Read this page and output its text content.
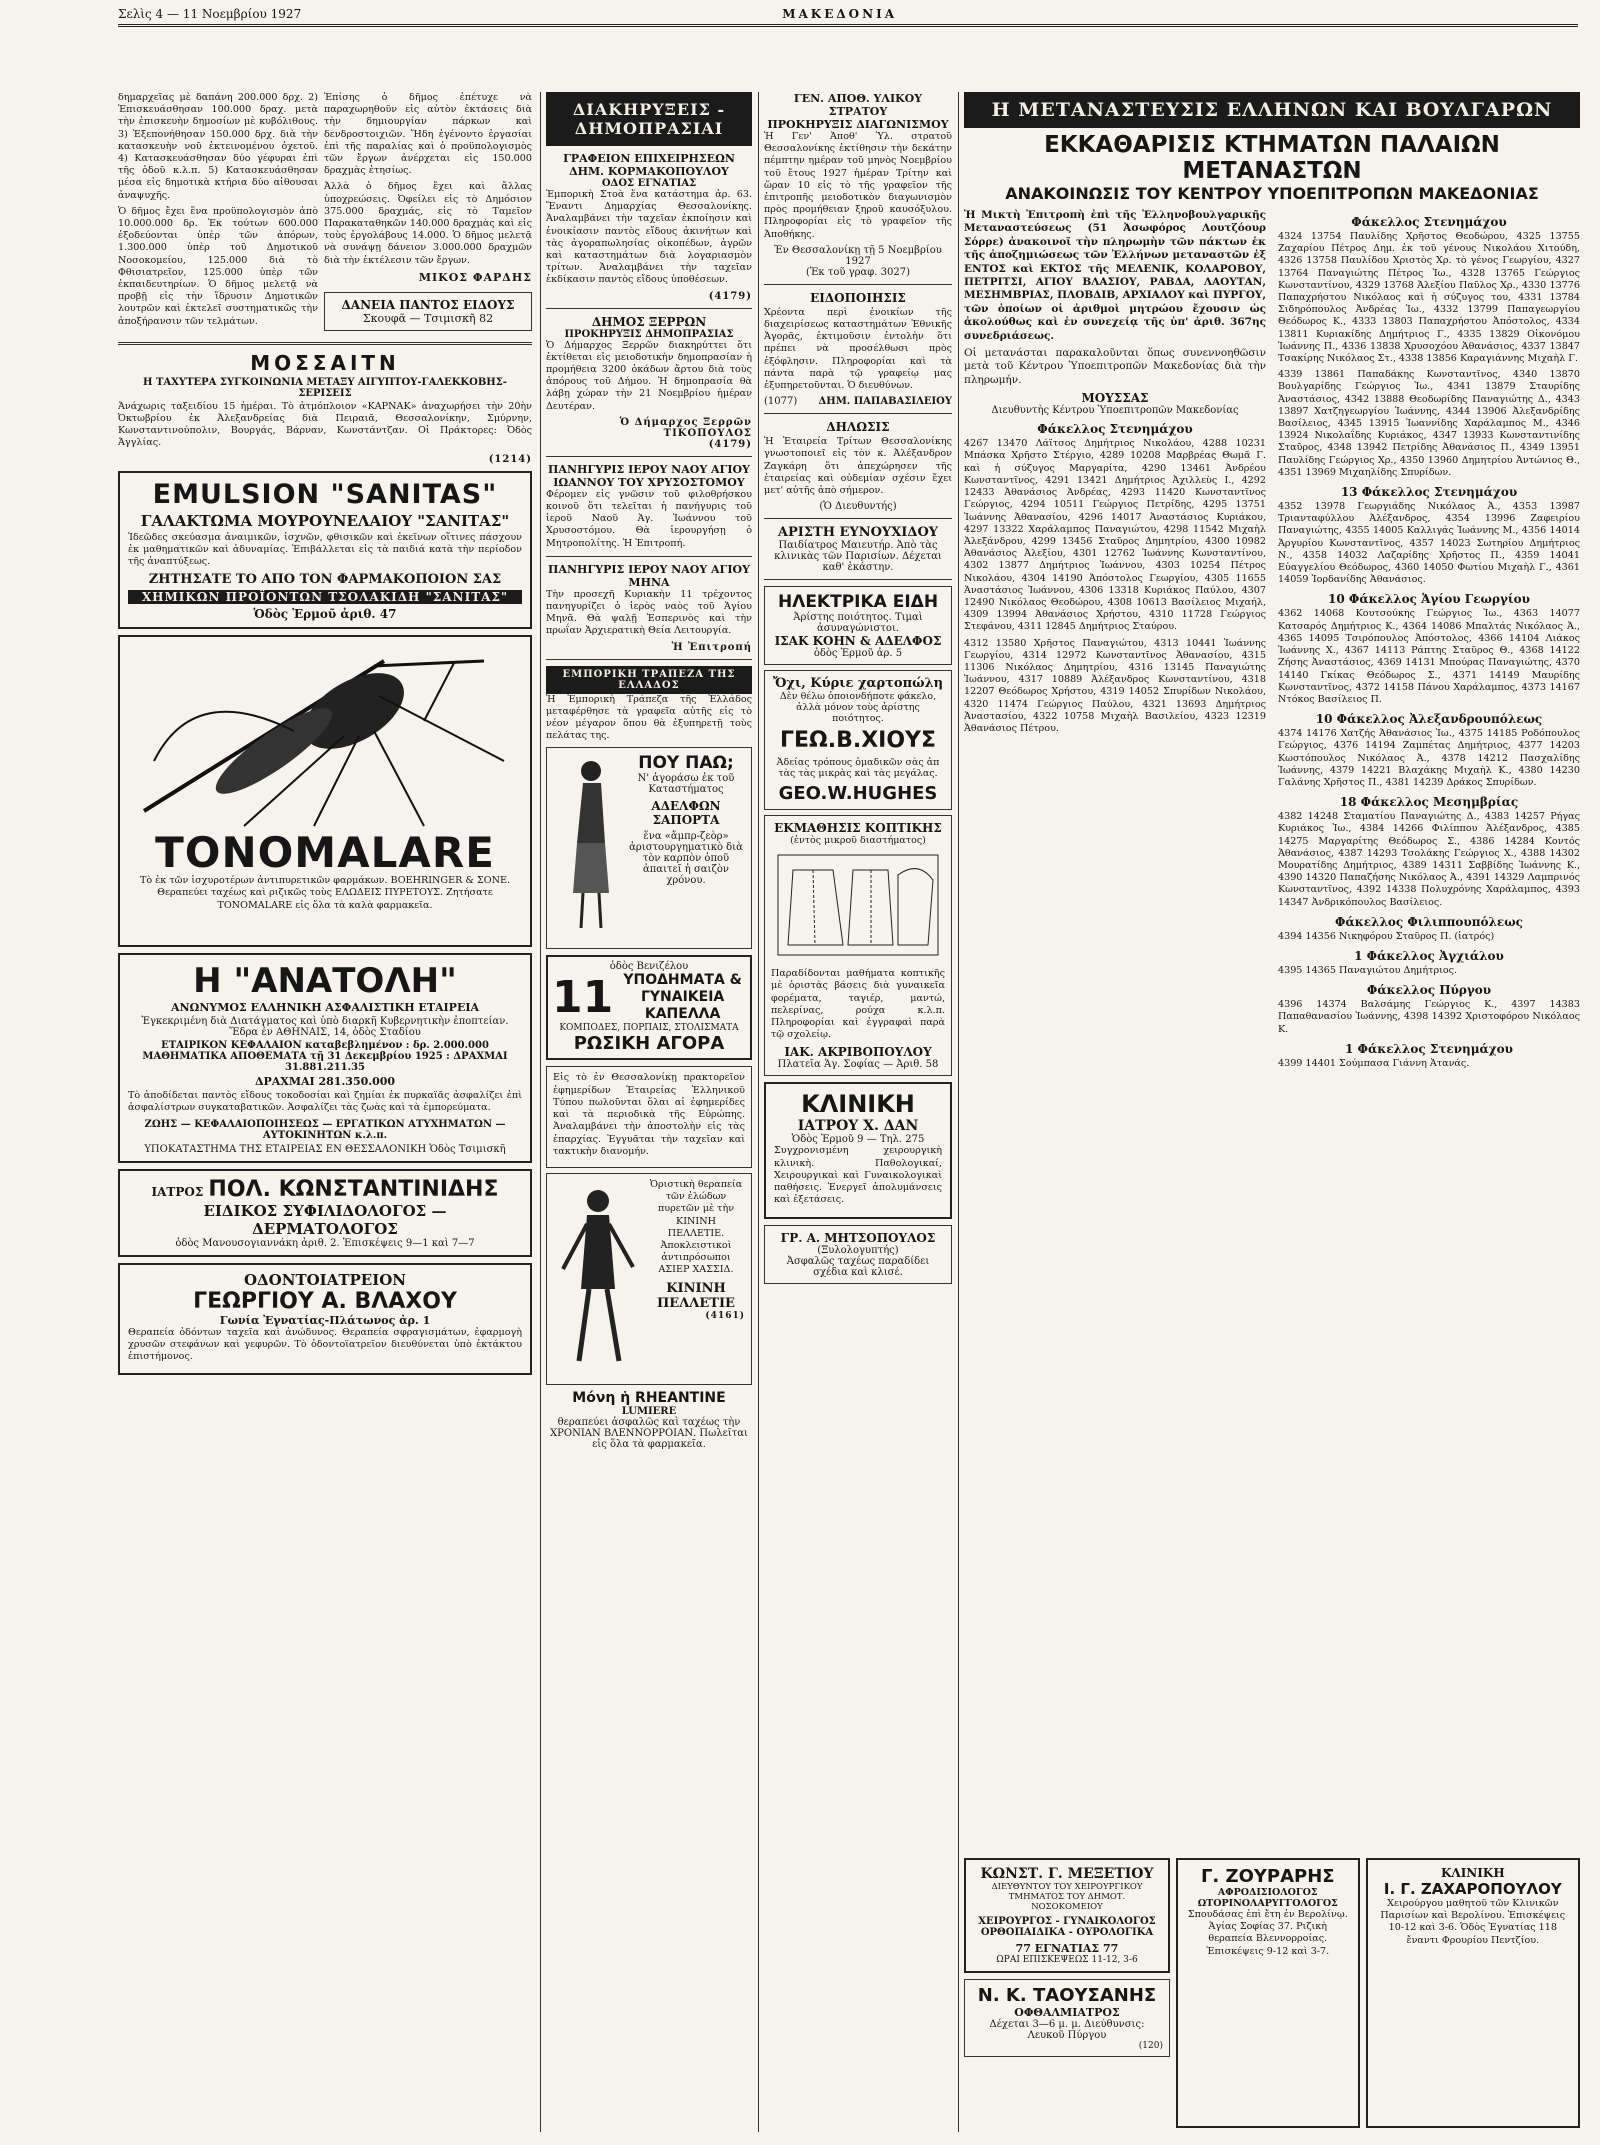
Σελὶς 4 — 11 Νοεμβρίου 1927	ΜΑΚΕΔΟΝΙΑ

δημαρχεῖας μὲ δαπάνη 200.000 δρχ. 2) Ἐπισκευάσθησαν 100.000 δραχ. μετὰ τὴν ἐπισκευὴν δημοσίων μὲ κυβόλιθους. 3) Ἐξεπονήθησαν 150.000 δρχ. διὰ τὴν κατασκευὴν νοῦ ἐκτεινομένου ὀχετοῦ. 4) Κατασκευάσθησαν δύο γέφυραι ἐπὶ τῆς ὁδοῦ κ.λ.π. 5) Κατασκευάσθησαν μέσα εἰς δημοτικὰ κτήρια δύο αἰθουσαι ἀναψυχῆς.

Ὁ δῆμος ἔχει ἕνα προϋπολογισμὸν ἀπὸ 10.000.000 δρ. Ἐκ τούτων 600.000 ἐξοδεύονται ὑπὲρ τῶν ἀπόρων, 1.300.000 ὑπὲρ τοῦ Δημοτικοῦ Νοσοκομείου, 125.000 διὰ τὸ Φθισιατρεῖον, 125.000 ὑπὲρ τῶν ἐκπαιδευτηρίων. Ὁ δῆμος μελετᾷ νὰ προβῇ εἰς τὴν ἵδρυσιν Δημοτικῶν λουτρῶν καὶ ἐκτελεῖ συστηματικῶς τὴν ἀποξήρανσιν τῶν τελμάτων.

Ἐπίσης ὁ δῆμος ἐπέτυχε νὰ παραχωρηθοῦν εἰς αὐτὸν ἐκτάσεις διὰ τὴν δημιουργίαν πάρκων καὶ δενδροστοιχιῶν. Ἤδη ἐγένοντο ἐργασίαι ἐπὶ τῆς παραλίας καὶ ὁ προϋπολογισμὸς τῶν ἔργων ἀνέρχεται εἰς 150.000 δραχμὰς ἐτησίως.

Ἀλλὰ ὁ δῆμος ἔχει καὶ ἄλλας ὑποχρεώσεις. Ὀφείλει εἰς τὸ Δημόσιον 375.000 δραχμάς, εἰς τὸ Ταμεῖον Παρακαταθηκῶν 140.000 δραχμὰς καὶ εἰς τοὺς ἐργολάβους 14.000. Ὁ δῆμος μελετᾷ νὰ συνάψῃ δάνειον 3.000.000 δραχμῶν διὰ τὴν ἐκτέλεσιν τῶν ἔργων.

ΜΙΚΟΣ ΦΑΡΔΗΣ
ΔΑΝΕΙΑ ΠΑΝΤΟΣ ΕΙΔΟΥΣ
Σκουφᾶ — Τσιμισκῆ 82
ΜΟΣΣΑΙΤΝ
Η ΤΑΧΥΤΕΡΑ ΣΥΓΚΟΙΝΩΝΙΑ ΜΕΤΑΞΥ ΑΙΓΥΠΤΟΥ-ΓΑΛΕΚΚΟΒΗΣ-ΣΕΡΙΣΕΙΣ

Ἀνάχωρις ταξειδίου 15 ἡμέραι. Τὸ ἀτμόπλοιον «ΚΑΡΝΑΚ» ἀναχωρήσει τὴν 20ὴν Ὀκτωβρίου ἐκ Ἀλεξανδρείας διὰ Πειραιᾶ, Θεσσαλονίκην, Σμύρνην, Κωνσταντινούπολιν, Βουργάς, Βάρναν, Κωνστάντζαν. Οἱ Πράκτορες: Ὀδὸς Ἀγγλίας.

(1214)
EMULSION "SANITAS"
ΓΑΛΑΚΤΩΜΑ ΜΟΥΡΟΥΝΕΛΑΙΟΥ "ΣΑΝΙΤΑΣ"

Ἰδεῶδες σκεύασμα ἀναιμικῶν, ἰσχνῶν, φθισικῶν καὶ ἐκεῖνων οἵτινες πάσχουν ἐκ μαθηματικῶν καὶ ἀδυναμίας. Ἐπιβάλλεται εἰς τὰ παιδιά κατὰ τὴν περίοδον τῆς ἀναπτύξεως.

ΖΗΤΗΣΑΤΕ ΤΟ ΑΠΟ ΤΟΝ ΦΑΡΜΑΚΟΠΟΙΟΝ ΣΑΣ
ΧΗΜΙΚΩΝ ΠΡΟΪΟΝΤΩΝ ΤΣΟΛΑΚΙΔΗ "ΣΑΝΙΤΑΣ"
Ὁδὸς Ἑρμοῦ ἀριθ. 47
TONOMALARE

Τὸ ἐκ τῶν ἰσχυροτέρων ἀντιπυρετικῶν φαρμάκων. BOEHRINGER & ΣΟΝΕ. Θεραπεύει ταχέως καὶ ριζικῶς τοὺς ΕΛΩΔΕΙΣ ΠΥΡΕΤΟΥΣ. Ζητήσατε TONOMALARE εἰς ὅλα τὰ καλὰ φαρμακεῖα.

Η "ΑΝΑΤΟΛΗ"
ΑΝΩΝΥΜΟΣ ΕΛΛΗΝΙΚΗ ΑΣΦΑΛΙΣΤΙΚΗ ΕΤΑΙΡΕΙΑ
Ἐγκεκριμένη διὰ Διατάγματος καὶ ὑπὸ διαρκῆ Κυβερνητικὴν ἐποπτείαν. Ἕδρα ἐν ΑΘΗΝΑΙΣ, 14, ὁδὸς Σταδίου
ΕΤΑΙΡΙΚΟΝ ΚΕΦΑΛΑΙΟΝ καταβεβλημένον : δρ. 2.000.000
ΜΑΘΗΜΑΤΙΚΑ ΑΠΟΘΕΜΑΤΑ τῇ 31 Δεκεμβρίου 1925 : ΔΡΑΧΜΑΙ 31.881.211.35
ΔΡΑΧΜΑΙ 281.350.000

Τὸ ἀποδίδεται παντὸς εἴδους τοκοδοσίαι καὶ ζημίαι ἐκ πυρκαϊᾶς ἀσφαλίζει ἐπὶ ἀσφαλίστρων συγκαταβατικῶν. Ἀσφαλίζει τὰς ζωὰς καὶ τὰ ἐμπορεύματα.

ΖΩΗΣ — ΚΕΦΑΛΑΙΟΠΟΙΗΣΕΩΣ — ΕΡΓΑΤΙΚΩΝ ΑΤΥΧΗΜΑΤΩΝ — ΑΥΤΟΚΙΝΗΤΩΝ κ.λ.π.
ΥΠΟΚΑΤΑΣΤΗΜΑ ΤΗΣ ΕΤΑΙΡΕΙΑΣ ΕΝ ΘΕΣΣΑΛΟΝΙΚΗ Ὁδὸς Τσιμισκῆ
ΙΑΤΡΟΣ ΠΟΛ. ΚΩΝΣΤΑΝΤΙΝΙΔΗΣ
ΕΙΔΙΚΟΣ ΣΥΦΙΛΙΔΟΛΟΓΟΣ — ΔΕΡΜΑΤΟΛΟΓΟΣ
ὁδὸς Μανουσογιαννάκη ἀριθ. 2. Ἐπισκέψεις 9—1 καὶ 7—7
ΟΔΟΝΤΟΙΑΤΡΕΙΟΝ
ΓΕΩΡΓΙΟΥ Α. ΒΛΑΧΟΥ
Γωνία Ἐγνατίας-Πλάτωνος ἀρ. 1

Θεραπεία ὀδόντων ταχεῖα καὶ ἀνώδυνος. Θεραπεία σφραγισμάτων, ἐφαρμογὴ χρυσῶν στεφάνων καὶ γεφυρῶν. Τὸ ὀδοντοϊατρεῖον διευθύνεται ὑπὸ ἐκτάκτου ἐπιστήμονος.

ΔΙΑΚΗΡΥΞΕΙΣ - ΔΗΜΟΠΡΑΣΙΑΙ
ΓΡΑΦΕΙΟΝ ΕΠΙΧΕΙΡΗΣΕΩΝ ΔΗΜ. ΚΟΡΜΑΚΟΠΟΥΛΟΥ
ΟΔΟΣ ΕΓΝΑΤΙΑΣ

Ἐμπορικὴ Στοὰ ἕνα κατάστημα ἀρ. 63. Ἔναντι Δημαρχίας Θεσσαλονίκης. Ἀναλαμβάνει τὴν ταχεῖαν ἐκποίησιν καὶ ἐνοικίασιν παντὸς εἴδους ἀκινήτων καὶ τὰς ἀγοραπωλησίας οἰκοπέδων, ἀγρῶν καὶ καταστημάτων διὰ λογαριασμὸν τρίτων. Ἀναλαμβάνει τὴν ταχεῖαν ἐκδίκασιν παντὸς εἴδους ὑποθέσεων.

(4179)
ΔΗΜΟΣ ΞΕΡΡΩΝ
ΠΡΟΚΗΡΥΞΙΣ ΔΗΜΟΠΡΑΣΙΑΣ

Ὁ Δήμαρχος Ξερρῶν διακηρύττει ὅτι ἐκτίθεται εἰς μειοδοτικὴν δημοπρασίαν ἡ προμήθεια 3200 ὀκάδων ἄρτου διὰ τοὺς ἀπόρους τοῦ Δήμου. Ἡ δημοπρασία θὰ λάβῃ χώραν τὴν 21 Νοεμβρίου ἡμέραν Δευτέραν.

Ὁ Δήμαρχος Ξερρῶν ΤΙΚΟΠΟΥΛΟΣ
(4179)
ΠΑΝΗΓΥΡΙΣ ΙΕΡΟΥ ΝΑΟΥ ΑΓΙΟΥ ΙΩΑΝΝΟΥ ΤΟΥ ΧΡΥΣΟΣΤΟΜΟΥ

Φέρομεν εἰς γνῶσιν τοῦ φιλοθρήσκου κοινοῦ ὅτι τελεῖται ἡ πανήγυρις τοῦ ἱεροῦ Ναοῦ Ἁγ. Ἰωάννου τοῦ Χρυσοστόμου. Θὰ ἱερουργήσῃ ὁ Μητροπολίτης. Ἡ Ἐπιτροπή.

ΠΑΝΗΓΥΡΙΣ ΙΕΡΟΥ ΝΑΟΥ ΑΓΙΟΥ ΜΗΝΑ

Τὴν προσεχῆ Κυριακὴν 11 τρέχοντος πανηγυρίζει ὁ ἱερὸς ναὸς τοῦ Ἁγίου Μηνᾶ. Θὰ ψαλῇ Ἑσπερινὸς καὶ τὴν πρωΐαν Ἀρχιερατικὴ Θεία Λειτουργία.

Ἡ Ἐπιτροπή
ΕΜΠΟΡΙΚΗ ΤΡΑΠΕΖΑ ΤΗΣ ΕΛΛΑΔΟΣ

Ἡ Ἐμπορικὴ Τράπεζα τῆς Ἑλλάδος μεταφέρθησε τὰ γραφεῖα αὐτῆς εἰς τὸ νέον μέγαρον ὅπου θὰ ἐξυπηρετῇ τοὺς πελάτας της.

ΠΟΥ ΠΑΩ;
Ν' ἀγοράσω ἐκ τοῦ Καταστήματος
ΑΔΕΛΦΩΝ ΣΑΠΟΡΤΑ
ἕνα «ἄμπρ-ζεὸρ» ἀριστουργηματικὸ διὰ τὸν καρπὸν ὁποῦ ἀπαιτεῖ ἡ σαιζὸν χρόνου.
ὁδὸς Βενιζέλου
11 ΥΠΟΔΗΜΑΤΑ & ΓΥΝΑΙΚΕΙΑ ΚΑΠΕΛΛΑ
ΚΟΜΠΟΔΕΣ, ΠΟΡΠΑΙΣ, ΣΤΟΛΙΣΜΑΤΑ
ΡΩΣΙΚΗ ΑΓΟΡΑ

Εἰς τὸ ἐν Θεσσαλονίκῃ πρακτορεῖον ἐφημερίδων Ἑταιρείας Ἑλληνικοῦ Τύπου πωλοῦνται ὅλαι αἱ ἐφημερίδες καὶ τὰ περιοδικὰ τῆς Εὐρώπης. Ἀναλαμβάνει τὴν ἀποστολὴν εἰς τὰς ἐπαρχίας. Ἐγγυᾶται τὴν ταχεῖαν καὶ τακτικὴν διανομήν.

Ὁριστικὴ θεραπεία τῶν ἐλώδων πυρετῶν μὲ τὴν ΚΙΝΙΝΗ ΠΕΛΛΕΤΙΕ. Ἀποκλειστικοὶ ἀντιπρόσωποι ΑΣΙΕΡ ΧΑΣΣΙΔ.

ΚΙΝΙΝΗ ΠΕΛΛΕΤΙΕ
(4161)
Μόνη ἡ RHEANTINE
LUMIERE
θεραπεύει ἀσφαλῶς καὶ ταχέως τὴν ΧΡΟΝΙΑΝ ΒΛΕΝΝΟΡΡΟΙΑΝ. Πωλεῖται εἰς ὅλα τὰ φαρμακεῖα.
ΓΕΝ. ΑΠΟΘ. ΥΛΙΚΟΥ ΣΤΡΑΤΟΥ
ΠΡΟΚΗΡΥΞΙΣ ΔΙΑΓΩΝΙΣΜΟΥ

Ἡ Γεν' Ἀποθ' Ὑλ. στρατοῦ Θεσσαλονίκης ἐκτίθησιν τὴν δεκάτην πέμπτην ημέραν τοῦ μηνὸς Νοεμβρίου τοῦ ἔτους 1927 ἡμέραν Τρίτην καὶ ὥραν 10 εἰς τὸ τῆς γραφεῖον τῆς ἐπιτροπῆς μειοδοτικὸν διαγωνισμὸν πρὸς προμήθειαν ξηροῦ καυσόξυλου. Πληροφορίαι εἰς τὸ γραφεῖον τῆς Ἀποθήκης.

Ἐν Θεσσαλονίκῃ τῇ 5 Νοεμβρίου 1927
(Ἐκ τοῦ γραφ. 3027)
ΕΙΔΟΠΟΙΗΣΙΣ

Χρέοντα περὶ ἐνοικίων τῆς διαχειρίσεως καταστημάτων Ἐθνικῆς Ἀγορᾶς, ἐκτιμοῦσιν ἐντολὴν ὅτι πρέπει νὰ προσέλθωσι πρὸς ἐξόφλησιν. Πληροφορίαι καὶ τὰ πάντα παρὰ τῷ γραφείῳ μας ἐξυπηρετοῦνται. Ὁ διευθύνων.

(1077) ΔΗΜ. ΠΑΠΑΒΑΣΙΛΕΙΟΥ
ΔΗΛΩΣΙΣ

Ἡ Ἑταιρεία Τρίτων Θεσσαλονίκης γνωστοποιεῖ εἰς τὸν κ. Ἀλέξανδρον Ζαγκάρη ὅτι ἀπεχώρησεν τῆς ἐταιρείας καὶ οὐδεμίαν σχέσιν ἔχει μετ' αὐτῆς ἀπὸ σήμερον.

(Ὁ Διευθυντής)
ΑΡΙΣΤΗ ΕΥΝΟΥΧΙΔΟΥ
Παιδίατρος Μαιευτήρ. Ἀπὸ τὰς κλινικὰς τῶν Παρισίων. Δέχεται καθ' ἑκάστην.
ΗΛΕΚΤΡΙΚΑ ΕΙΔΗ
Ἀρίστης ποιότητος. Τιμαὶ ἀσυναγώνιστοι.
ΙΣΑΚ ΚΟΗΝ & ΑΔΕΛΦΟΣ
ὁδὸς Ἑρμοῦ ἀρ. 5
Ὄχι, Κύριε χαρτοπώλη
Δὲν θέλω ὁποιονδήποτε φάκελο, ἀλλὰ μόνον τοὺς ἀρίστης ποιότητος.
ΓΕΩ.Β.ΧΙΟΥΣ
Ἀδείας τρόπους ὁμαδικῶν σὰς ἀπ τὰς τὰς μικρὰς καὶ τὰς μεγάλας.
GEO.W.HUGHES
ΕΚΜΑΘΗΣΙΣ ΚΟΠΤΙΚΗΣ
(ἐντὸς μικροῦ διαστήματος)

Παραδίδονται μαθήματα κοπτικῆς μὲ ὁριστὰς βάσεις διὰ γυναικεῖα φορέματα, ταγιέρ, μαντώ, πελερίνας, ρούχα κ.λ.π. Πληροφορίαι καὶ ἐγγραφαὶ παρὰ τῷ σχολείῳ.

ΙΑΚ. ΑΚΡΙΒΟΠΟΥΛΟΥ
Πλατεῖα Ἁγ. Σοφίας — Ἀριθ. 58
ΚΛΙΝΙΚΗ
ΙΑΤΡΟΥ Χ. ΔΑΝ
Ὁδὸς Ἑρμοῦ 9 — Τηλ. 275

Συγχρονισμένη χειρουργικὴ κλινικὴ. Παθολογικαί, Χειρουργικαὶ καὶ Γυναικολογικαὶ παθήσεις. Ἐνεργεῖ ἀπολυμάνσεις καὶ ἐξετάσεις.

ΓΡ. Α. ΜΗΤΣΟΠΟΥΛΟΣ
(Ξυλολογυπτής)
Ἀσφαλῶς ταχέως παραδίδει σχέδια καὶ κλισέ.
Η ΜΕΤΑΝΑΣΤΕΥΣΙΣ ΕΛΛΗΝΩΝ ΚΑΙ ΒΟΥΛΓΑΡΩΝ
ΕΚΚΑΘΑΡΙΣΙΣ ΚΤΗΜΑΤΩΝ ΠΑΛΑΙΩΝ ΜΕΤΑΝΑΣΤΩΝ
ΑΝΑΚΟΙΝΩΣΙΣ ΤΟΥ ΚΕΝΤΡΟΥ ΥΠΟΕΠΙΤΡΟΠΩΝ ΜΑΚΕΔΟΝΙΑΣ

Ἡ Μικτὴ Ἐπιτροπὴ ἐπὶ τῆς Ἑλληνοβουλγαρικῆς Μεταναστεύσεως (51 Ἀσωφόρος Λουτζόουρ Σόρρε) ἀνακοινοῖ τὴν πληρωμὴν τῶν πάκτων ἐκ τῆς ἀποζημιώσεως τῶν Ἑλλήνων μεταναστῶν ἐξ ΕΝΤΟΣ καὶ ΕΚΤΟΣ τῆς ΜΕΛΕΝΙΚ, ΚΟΛΑΡΟΒΟΥ, ΠΕΤΡΙΤΣΙ, ΑΓΙΟΥ ΒΛΑΣΙΟΥ, ΡΑΒΔΑ, ΛΑΟΥΤΑΝ, ΜΕΣΗΜΒΡΙΑΣ, ΠΛΟΒΔΙΒ, ΑΡΧΙΑΛΟΥ καὶ ΠΥΡΓΟΥ, τῶν ὁποίων οἱ ἀριθμοὶ μητρώου ἔχουσιν ὡς ἀκολούθως καὶ ἐν συνεχείᾳ τῆς ὑπ' ἀριθ. 367ης συνεδριάσεως.

Οἱ μετανάσται παρακαλοῦνται ὅπως συνεννοηθῶσιν μετὰ τοῦ Κέντρου Ὑποεπιτροπῶν Μακεδονίας διὰ τὴν πληρωμήν.

ΜΟΥΣΣΑΣ
Διευθυντὴς Κέντρου Ὑποεπιτροπῶν Μακεδονίας
Φάκελλος Στενημάχου

4267 13470 Λάϊτσος Δημήτριος Νικολάου, 4288 10231 Μπάσκα Χρῆστο Στέργιο, 4289 10208 Μαρβρέας Θωμᾶ Γ. καὶ ἡ σύζυγος Μαργαρίτα, 4290 13461 Ἀνδρέου Κωνσταντῖνος, 4291 13421 Δημήτριος Ἀχιλλεὺς Ι., 4292 12433 Ἀθανάσιος Ἀνδρέας, 4293 11420 Κωνσταντῖνος Γεώργιος, 4294 10511 Γεώργιος Πετρίδης, 4295 13751 Ἰωάννης Ἀθανασίου, 4296 14017 Ἀναστάσιος Κυριάκου, 4297 13322 Χαράλαμπος Παναγιώτου, 4298 11542 Μιχαὴλ Ἀλεξάνδρου, 4299 13456 Σταῦρος Δημητρίου, 4300 10982 Ἀθανάσιος Ἀλεξίου, 4301 12762 Ἰωάννης Κωνσταντίνου, 4302 13877 Δημήτριος Ἰωάννου, 4303 10254 Πέτρος Νικολάου, 4304 14190 Ἀπόστολος Γεωργίου, 4305 11655 Ἀναστάσιος Ἰωάννου, 4306 13318 Κυριάκος Παύλου, 4307 12490 Νικόλαος Θεοδώρου, 4308 10613 Βασίλειος Μιχαήλ, 4309 13994 Ἀθανάσιος Χρήστου, 4310 11728 Γεώργιος Στεφάνου, 4311 12845 Δημήτριος Σταύρου.

4312 13580 Χρῆστος Παναγιώτου, 4313 10441 Ἰωάννης Γεωργίου, 4314 12972 Κωνσταντῖνος Ἀθανασίου, 4315 11306 Νικόλαος Δημητρίου, 4316 13145 Παναγιώτης Ἰωάννου, 4317 10889 Ἀλέξανδρος Κωνσταντίνου, 4318 12207 Θεόδωρος Χρήστου, 4319 14052 Σπυρίδων Νικολάου, 4320 11474 Γεώργιος Παύλου, 4321 13693 Δημήτριος Ἀναστασίου, 4322 10758 Μιχαὴλ Βασιλείου, 4323 12319 Ἀθανάσιος Πέτρου.

Φάκελλος Στενημάχου

4324 13754 Παυλίδης Χρῆστος Θεοδώρου, 4325 13755 Ζαχαρίου Πέτρος Δημ. ἐκ τοῦ γένους Νικολάου Χιτούδη, 4326 13758 Παυλίδου Χριστὸς Χρ. τὸ γένος Γεωργίου, 4327 13764 Παναγιώτης Πέτρος Ἰω., 4328 13765 Γεώργιος Κωνσταντίνου, 4329 13768 Ἀλεξίου Παῦλος Χρ., 4330 13776 Παπαχρήστου Νικόλαος καὶ ἡ σύζυγος του, 4331 13784 Σιδηρόπουλος Ἀνδρέας Ἰω., 4332 13799 Παπαγεωργίου Θεόδωρος Κ., 4333 13803 Παπαχρήστου Ἀπόστολος, 4334 13811 Κυριακίδης Δημήτριος Γ., 4335 13829 Οἰκονόμου Ἰωάννης Π., 4336 13838 Χρυσοχόου Ἀθανάσιος, 4337 13847 Τσακίρης Νικόλαος Στ., 4338 13856 Καραγιάννης Μιχαὴλ Γ.

4339 13861 Παπαδάκης Κωνσταντῖνος, 4340 13870 Βουλγαρίδης Γεώργιος Ἰω., 4341 13879 Σταυρίδης Ἀναστάσιος, 4342 13888 Θεοδωρίδης Παναγιώτης Δ., 4343 13897 Χατζηγεωργίου Ἰωάννης, 4344 13906 Ἀλεξανδρίδης Βασίλειος, 4345 13915 Ἰωαννίδης Χαράλαμπος Μ., 4346 13924 Νικολαΐδης Κυριάκος, 4347 13933 Κωνσταντινίδης Σταῦρος, 4348 13942 Πετρίδης Ἀθανάσιος Π., 4349 13951 Παυλίδης Γεώργιος Χρ., 4350 13960 Δημητρίου Ἀντώνιος Θ., 4351 13969 Μιχαηλίδης Σπυρίδων.

13 Φάκελλος Στενημάχου

4352 13978 Γεωργιάδης Νικόλαος Ἀ., 4353 13987 Τριανταφύλλου Ἀλέξανδρος, 4354 13996 Ζαφειρίου Παναγιώτης, 4355 14005 Καλλιγάς Ἰωάννης Μ., 4356 14014 Ἀργυρίου Κωνσταντῖνος, 4357 14023 Σωτηρίου Δημήτριος Ν., 4358 14032 Λαζαρίδης Χρῆστος Π., 4359 14041 Εὐαγγελίου Θεόδωρος, 4360 14050 Φωτίου Μιχαὴλ Γ., 4361 14059 Ἰορδανίδης Ἀθανάσιος.

10 Φάκελλος Ἁγίου Γεωργίου

4362 14068 Κουτσούκης Γεώργιος Ἰω., 4363 14077 Κατσαρός Δημήτριος Κ., 4364 14086 Μπαλτάς Νικόλαος Ἀ., 4365 14095 Τσιρόπουλος Ἀπόστολος, 4366 14104 Λιάκος Ἰωάννης Χ., 4367 14113 Ράπτης Σταῦρος Θ., 4368 14122 Ζήσης Ἀναστάσιος, 4369 14131 Μπούρας Παναγιώτης, 4370 14140 Γκίκας Θεόδωρος Σ., 4371 14149 Μαυρίδης Κωνσταντῖνος, 4372 14158 Πάνου Χαράλαμπος, 4373 14167 Ντόκος Βασίλειος Π.

10 Φάκελλος Ἀλεξανδρουπόλεως

4374 14176 Χατζής Ἀθανάσιος Ἰω., 4375 14185 Ροδόπουλος Γεώργιος, 4376 14194 Ζαμπέτας Δημήτριος, 4377 14203 Κωστόπουλος Νικόλαος Ἀ., 4378 14212 Πασχαλίδης Ἰωάννης, 4379 14221 Βλαχάκης Μιχαὴλ Κ., 4380 14230 Γαλάνης Χρῆστος Π., 4381 14239 Δράκος Σπυρίδων.

18 Φάκελλος Μεσημβρίας

4382 14248 Σταματίου Παναγιώτης Δ., 4383 14257 Ρήγας Κυριάκος Ἰω., 4384 14266 Φιλίππου Ἀλέξανδρος, 4385 14275 Μαργαρίτης Θεόδωρος Σ., 4386 14284 Κοντός Ἀθανάσιος, 4387 14293 Τσολάκης Γεώργιος Χ., 4388 14302 Μουρατίδης Δημήτριος, 4389 14311 Σαββίδης Ἰωάννης Κ., 4390 14320 Παπαζήσης Νικόλαος Ἀ., 4391 14329 Λαμπρινός Κωνσταντῖνος, 4392 14338 Πολυχρόνης Χαράλαμπος, 4393 14347 Ἀνδρικόπουλος Βασίλειος.

Φάκελλος Φιλιππουπόλεως

4394 14356 Νικηφόρου Σταῦρος Π. (ἰατρός)

1 Φάκελλος Ἀγχιάλου

4395 14365 Παναγιώτου Δημήτριος.

Φάκελλος Πύργου

4396 14374 Βαλσάμης Γεώργιος Κ., 4397 14383 Παπαθανασίου Ἰωάννης, 4398 14392 Χριστοφόρου Νικόλαος Κ.

1 Φάκελλος Στενημάχου

4399 14401 Σούμπασα Γιάννη Ἀτανάς.

ΚΩΝΣΤ. Γ. ΜΕΞΕΤΙΟΥ
ΔΙΕΥΘΥΝΤΟΥ ΤΟΥ ΧΕΙΡΟΥΡΓΙΚΟΥ ΤΜΗΜΑΤΟΣ ΤΟΥ ΔΗΜΟΤ. ΝΟΣΟΚΟΜΕΙΟΥ
ΧΕΙΡΟΥΡΓΟΣ - ΓΥΝΑΙΚΟΛΟΓΟΣ
ΟΡΘΟΠΑΙΔΙΚΑ - ΟΥΡΟΛΟΓΙΚΑ
77 ΕΓΝΑΤΙΑΣ 77
ΩΡΑΙ ΕΠΙΣΚΕΨΕΩΣ 11-12, 3-6
Ν. Κ. ΤΑΟΥΣΑΝΗΣ
ΟΦΘΑΛΜΙΑΤΡΟΣ
Δέχεται 3—6 μ. μ. Διεύθυνσις: Λευκοῦ Πύργου
(120)
Γ. ΖΟΥΡΑΡΗΣ
ΑΦΡΟΔΙΣΙΟΛΟΓΟΣ ΩΤΟΡΙΝΟΛΑΡΥΓΓΟΛΟΓΟΣ

Σπουδάσας ἐπὶ ἔτη ἐν Βερολίνῳ. Ἁγίας Σοφίας 37. Ριζικὴ θεραπεία Βλεννορροίας. Ἐπισκέψεις 9-12 καὶ 3-7.

ΚΛΙΝΙΚΗ
Ι. Γ. ΖΑΧΑΡΟΠΟΥΛΟΥ

Χειρούργου μαθητοῦ τῶν Κλινικῶν Παρισίων καὶ Βερολίνου. Ἐπισκέψεις 10-12 καὶ 3-6. Ὁδὸς Ἐγνατίας 118 ἔναντι Φρουρίου Πεντζίου.
